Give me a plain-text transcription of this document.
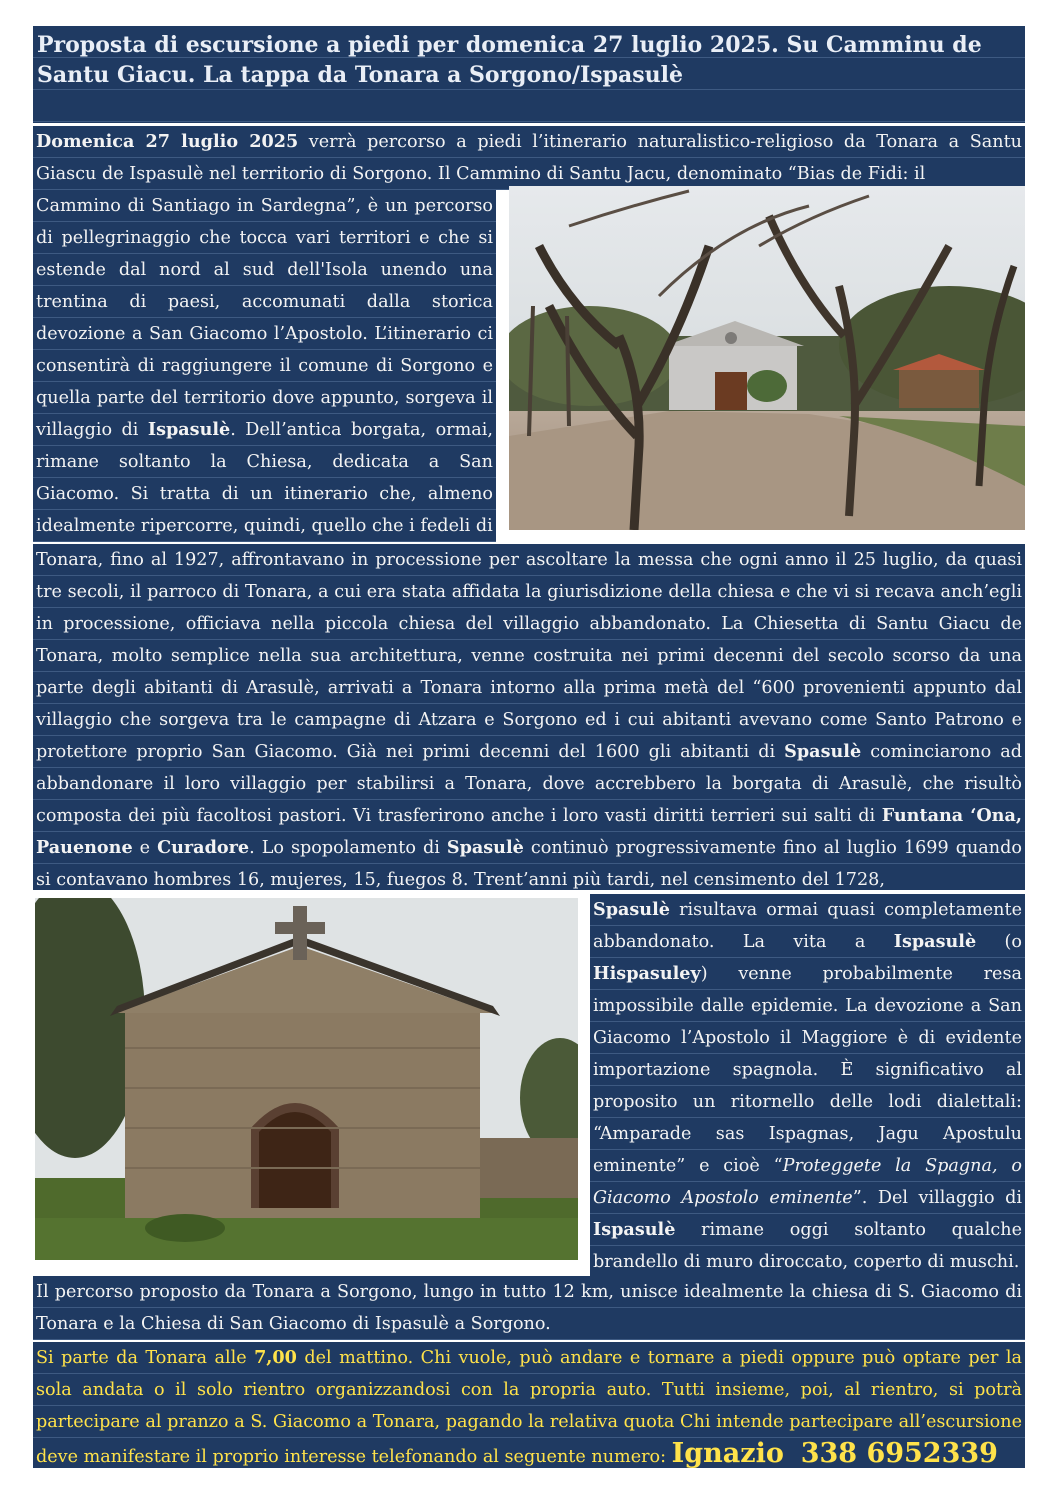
Proposta di escursione a piedi per domenica 27 luglio 2025. Su Camminu de Santu Giacu. La tappa da Tonara a Sorgono/Ispasulè

Domenica 27 luglio 2025 verrà percorso a piedi l’itinerario naturalistico-religioso da Tonara a Santu Giascu de Ispasulè nel territorio di Sorgono. Il Cammino di Santu Jacu, denominato “Bias de Fidi: il

Cammino di Santiago in Sardegna”, è un percorso di pellegrinaggio che tocca vari territori e che si estende dal nord al sud dell'Isola unendo una trentina di paesi, accomunati dalla storica devozione a San Giacomo l’Apostolo. L’itinerario ci consentirà di raggiungere il comune di Sorgono e quella parte del territorio dove appunto, sorgeva il villaggio di Ispasulè. Dell’antica borgata, ormai, rimane soltanto la Chiesa, dedicata a San Giacomo. Si tratta di un itinerario che, almeno idealmente ripercorre, quindi, quello che i fedeli di

Tonara, fino al 1927, affrontavano in processione per ascoltare la messa che ogni anno il 25 luglio, da quasi tre secoli, il parroco di Tonara, a cui era stata affidata la giurisdizione della chiesa e che vi si recava anch’egli in processione, officiava nella piccola chiesa del villaggio abbandonato. La Chiesetta di Santu Giacu de Tonara, molto semplice nella sua architettura, venne costruita nei primi decenni del secolo scorso da una parte degli abitanti di Arasulè, arrivati a Tonara intorno alla prima metà del “600 provenienti appunto dal villaggio che sorgeva tra le campagne di Atzara e Sorgono ed i cui abitanti avevano come Santo Patrono e protettore proprio San Giacomo. Già nei primi decenni del 1600 gli abitanti di Spasulè cominciarono ad abbandonare il loro villaggio per stabilirsi a Tonara, dove accrebbero la borgata di Arasulè, che risultò composta dei più facoltosi pastori. Vi trasferirono anche i loro vasti diritti terrieri sui salti di Funtana ‘Ona, Pauenone e Curadore. Lo spopolamento di Spasulè continuò progressivamente fino al luglio 1699 quando si contavano hombres 16, mujeres, 15, fuegos 8. Trent’anni più tardi, nel censimento del 1728,

Spasulè risultava ormai quasi completamente abbandonato. La vita a Ispasulè (o Hispasuley) venne probabilmente resa impossibile dalle epidemie. La devozione a San Giacomo l’Apostolo il Maggiore è di evidente importazione spagnola. È significativo al proposito un ritornello delle lodi dialettali: “Amparade sas Ispagnas, Jagu Apostulu eminente” e cioè “Proteggete la Spagna, o Giacomo Apostolo eminente”. Del villaggio di Ispasulè rimane oggi soltanto qualche brandello di muro diroccato, coperto di muschi.

Il percorso proposto da Tonara a Sorgono, lungo in tutto 12 km, unisce idealmente la chiesa di S. Giacomo di Tonara e la Chiesa di San Giacomo di Ispasulè a Sorgono.

Si parte da Tonara alle 7,00 del mattino. Chi vuole, può andare e tornare a piedi oppure può optare per la sola andata o il solo rientro organizzandosi con la propria auto. Tutti insieme, poi, al rientro, si potrà partecipare al pranzo a S. Giacomo a Tonara, pagando la relativa quota Chi intende partecipare all’escursione deve manifestare il proprio interesse telefonando al seguente numero: Ignazio 338 6952339
